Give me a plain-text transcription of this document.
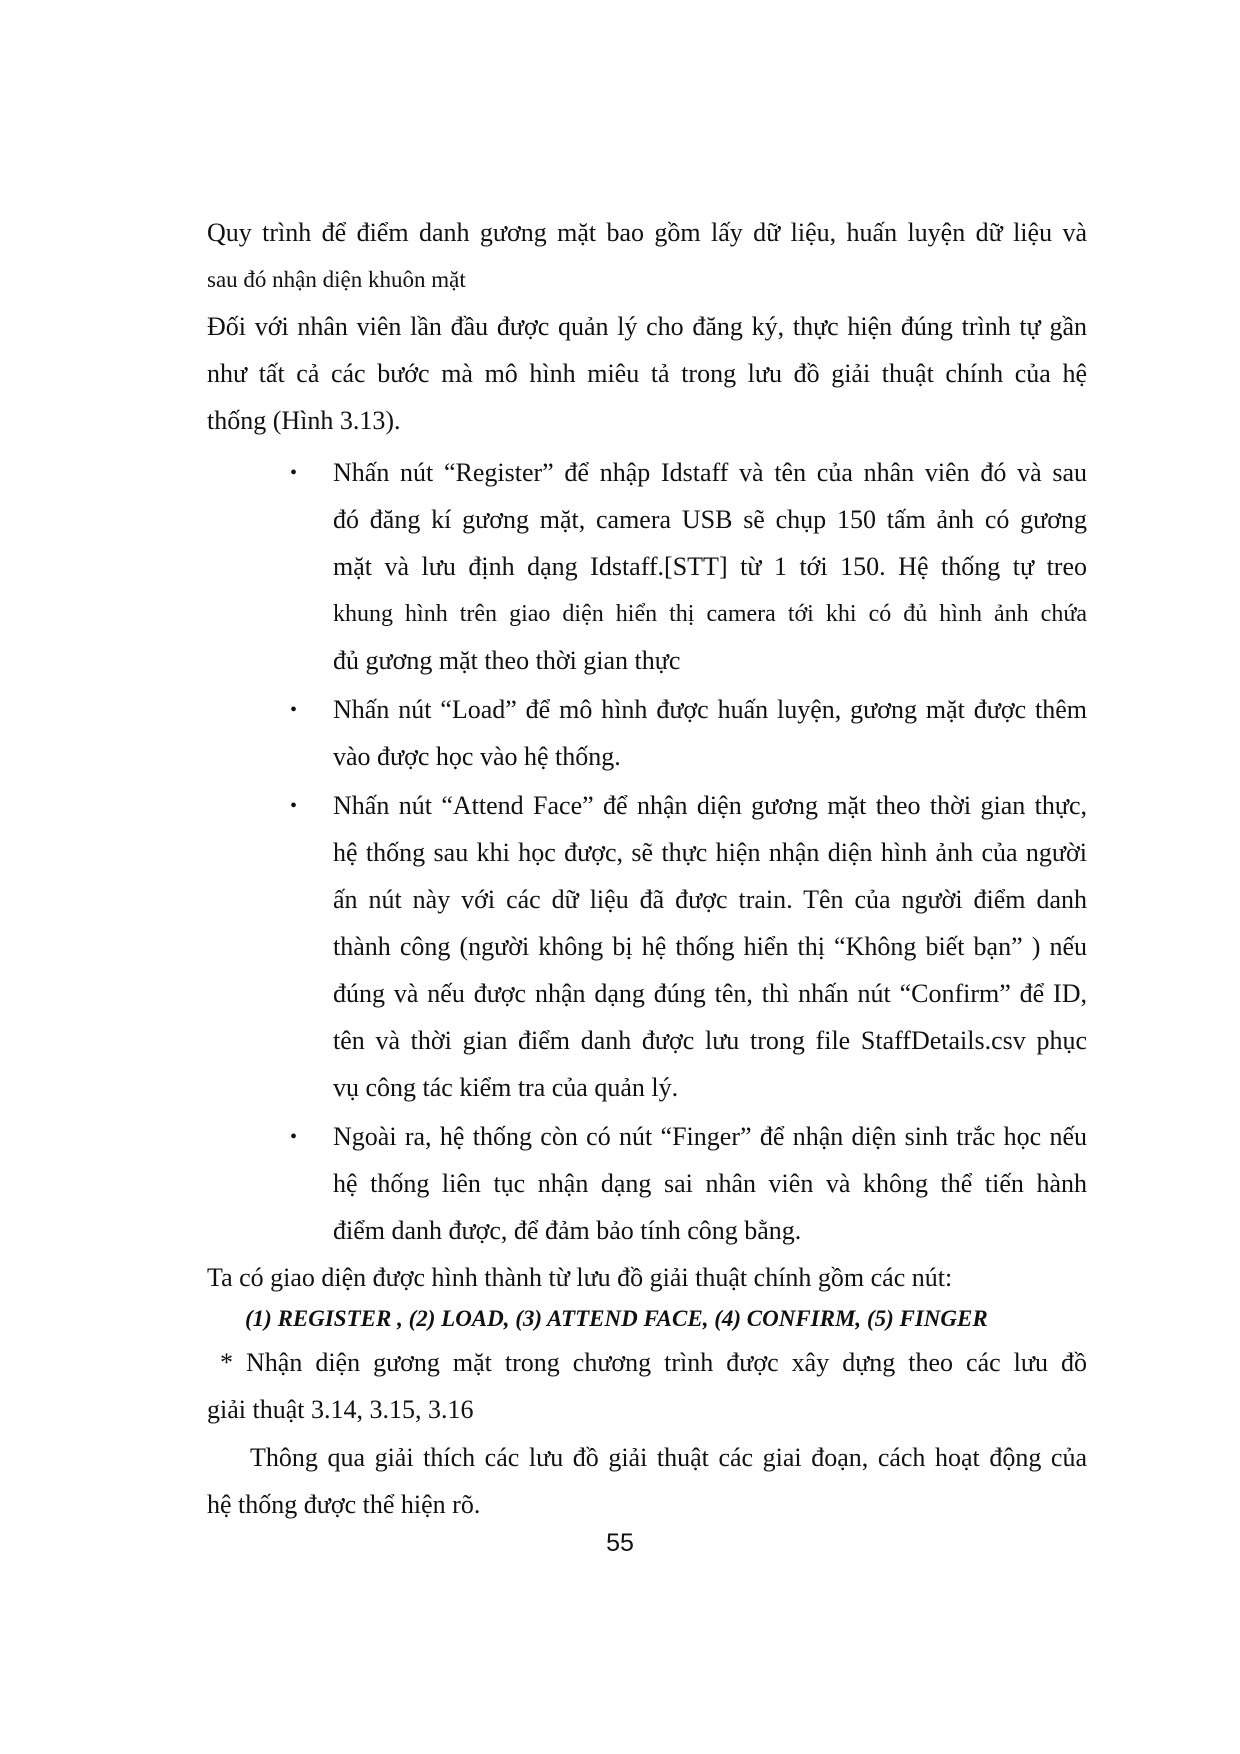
Quy trình để điểm danh gương mặt bao gồm lấy dữ liệu, huấn luyện dữ liệu và
sau đó nhận diện khuôn mặt
Đối với nhân viên lần đầu được quản lý cho đăng ký, thực hiện đúng trình tự gần
như tất cả các bước mà mô hình miêu tả trong lưu đồ giải thuật chính của hệ
thống (Hình 3.13).
• Nhấn nút “Register” để nhập Idstaff và tên của nhân viên đó và sau
đó đăng kí gương mặt, camera USB sẽ chụp 150 tấm ảnh có gương
mặt và lưu định dạng Idstaff.[STT] từ 1 tới 150. Hệ thống tự treo
khung hình trên giao diện hiển thị camera tới khi có đủ hình ảnh chứa
đủ gương mặt theo thời gian thực
• Nhấn nút “Load” để mô hình được huấn luyện, gương mặt được thêm
vào được học vào hệ thống.
• Nhấn nút “Attend Face” để nhận diện gương mặt theo thời gian thực,
hệ thống sau khi học được, sẽ thực hiện nhận diện hình ảnh của người
ấn nút này với các dữ liệu đã được train. Tên của người điểm danh
thành công (người không bị hệ thống hiển thị “Không biết bạn” ) nếu
đúng và nếu được nhận dạng đúng tên, thì nhấn nút “Confirm” để ID,
tên và thời gian điểm danh được lưu trong file StaffDetails.csv phục
vụ công tác kiểm tra của quản lý.
• Ngoài ra, hệ thống còn có nút “Finger” để nhận diện sinh trắc học nếu
hệ thống liên tục nhận dạng sai nhân viên và không thể tiến hành
điểm danh được, để đảm bảo tính công bằng.
Ta có giao diện được hình thành từ lưu đồ giải thuật chính gồm các nút:
(1) REGISTER , (2) LOAD, (3) ATTEND FACE, (4) CONFIRM, (5) FINGER
* Nhận diện gương mặt trong chương trình được xây dựng theo các lưu đồ
giải thuật 3.14, 3.15, 3.16
Thông qua giải thích các lưu đồ giải thuật các giai đoạn, cách hoạt động của
hệ thống được thể hiện rõ.
55
